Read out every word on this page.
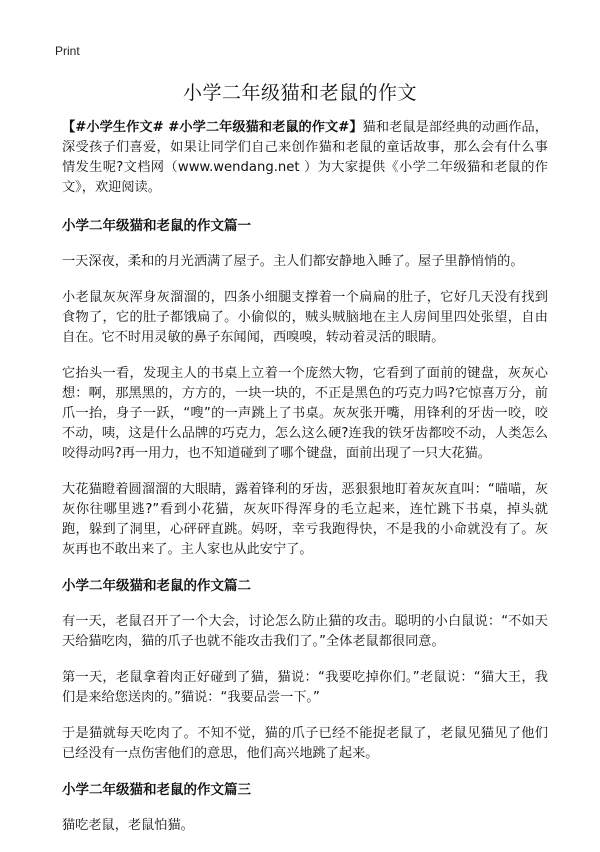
Print
小学二年级猫和老鼠的作文

【#小学生作文# #小学二年级猫和老鼠的作文#】猫和老鼠是部经典的动画作品，深受孩子们喜爱，如果让同学们自己来创作猫和老鼠的童话故事，那么会有什么事情发生呢?文档网（www.wendang.net ）为大家提供《小学二年级猫和老鼠的作文》，欢迎阅读。

小学二年级猫和老鼠的作文篇一

一天深夜，柔和的月光洒满了屋子。主人们都安静地入睡了。屋子里静悄悄的。

小老鼠灰灰浑身灰溜溜的，四条小细腿支撑着一个扁扁的肚子，它好几天没有找到食物了，它的肚子都饿扁了。小偷似的，贼头贼脑地在主人房间里四处张望，自由自在。它不时用灵敏的鼻子东闻闻，西嗅嗅，转动着灵活的眼睛。

它抬头一看，发现主人的书桌上立着一个庞然大物，它看到了面前的键盘，灰灰心想：啊，那黑黑的，方方的，一块一块的，不正是黑色的巧克力吗?它惊喜万分，前爪一抬，身子一跃，“嗖”的一声跳上了书桌。灰灰张开嘴，用锋利的牙齿一咬，咬不动，咦，这是什么品牌的巧克力，怎么这么硬?连我的铁牙齿都咬不动，人类怎么咬得动吗?再一用力，也不知道碰到了哪个键盘，面前出现了一只大花猫。

大花猫瞪着圆溜溜的大眼睛，露着锋利的牙齿，恶狠狠地盯着灰灰直叫：“喵喵，灰灰你往哪里逃?”看到小花猫，灰灰吓得浑身的毛立起来，连忙跳下书桌，掉头就跑，躲到了洞里，心砰砰直跳。妈呀，幸亏我跑得快，不是我的小命就没有了。灰灰再也不敢出来了。主人家也从此安宁了。

小学二年级猫和老鼠的作文篇二

有一天，老鼠召开了一个大会，讨论怎么防止猫的攻击。聪明的小白鼠说：“不如天天给猫吃肉，猫的爪子也就不能攻击我们了。”全体老鼠都很同意。

第一天，老鼠拿着肉正好碰到了猫，猫说：“我要吃掉你们。”老鼠说：“猫大王，我们是来给您送肉的。”猫说：“我要品尝一下。”

于是猫就每天吃肉了。不知不觉，猫的爪子已经不能捉老鼠了，老鼠见猫见了他们已经没有一点伤害他们的意思，他们高兴地跳了起来。

小学二年级猫和老鼠的作文篇三

猫吃老鼠，老鼠怕猫。
